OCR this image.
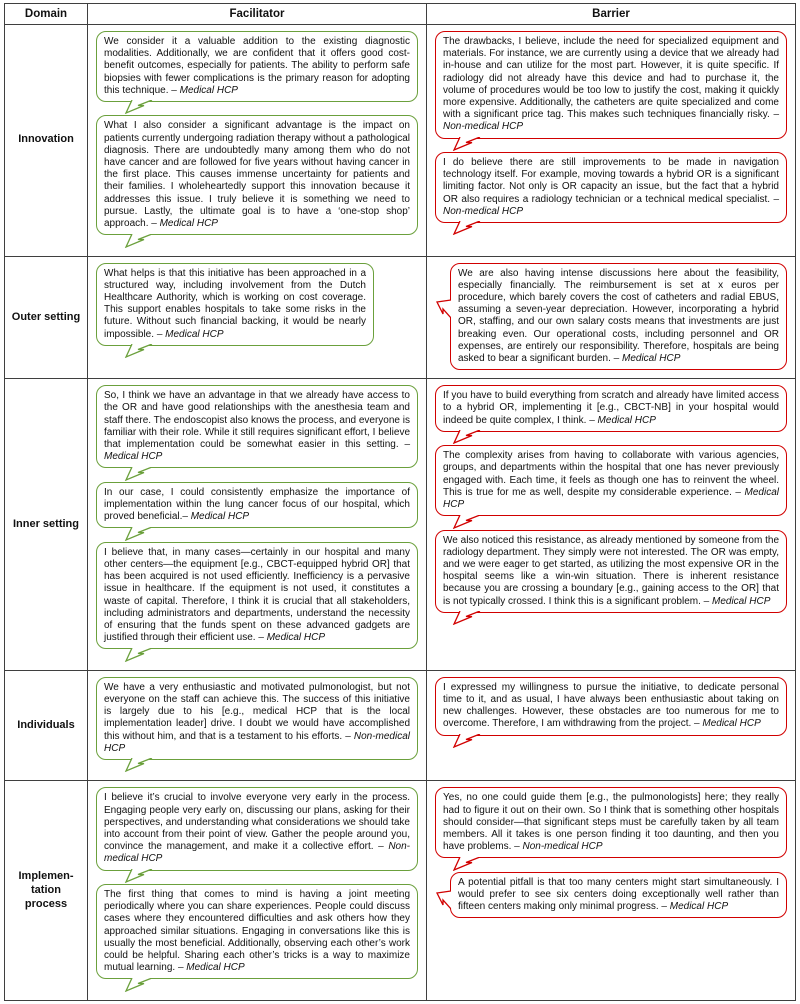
Domain	Facilitator	Barrier
Innovation
We consider it a valuable addition to the existing diagnostic modalities. Additionally, we are confident that it offers good cost-benefit outcomes, especially for patients. The ability to perform safe biopsies with fewer complications is the primary reason for adopting this technique. – Medical HCP
What I also consider a significant advantage is the impact on patients currently undergoing radiation therapy without a pathological diagnosis. There are undoubtedly many among them who do not have cancer and are followed for five years without having cancer in the first place. This causes immense uncertainty for patients and their families. I wholeheartedly support this innovation because it addresses this issue. I truly believe it is something we need to pursue. Lastly, the ultimate goal is to have a ‘one-stop shop’ approach. – Medical HCP
The drawbacks, I believe, include the need for specialized equipment and materials. For instance, we are currently using a device that we already had in-house and can utilize for the most part. However, it is quite specific. If radiology did not already have this device and had to purchase it, the volume of procedures would be too low to justify the cost, making it quickly more expensive. Additionally, the catheters are quite specialized and come with a significant price tag. This makes such techniques financially risky. – Non-medical HCP
I do believe there are still improvements to be made in navigation technology itself. For example, moving towards a hybrid OR is a significant limiting factor. Not only is OR capacity an issue, but the fact that a hybrid OR also requires a radiology technician or a technical medical specialist. – Non-medical HCP
Outer setting
What helps is that this initiative has been approached in a structured way, including involvement from the Dutch Healthcare Authority, which is working on cost coverage. This support enables hospitals to take some risks in the future. Without such financial backing, it would be nearly impossible. – Medical HCP
We are also having intense discussions here about the feasibility, especially financially. The reimbursement is set at x euros per procedure, which barely covers the cost of catheters and radial EBUS, assuming a seven-year depreciation. However, incorporating a hybrid OR, staffing, and our own salary costs means that investments are just breaking even. Our operational costs, including personnel and OR expenses, are entirely our responsibility. Therefore, hospitals are being asked to bear a significant burden. – Medical HCP
Inner setting
So, I think we have an advantage in that we already have access to the OR and have good relationships with the anesthesia team and staff there. The endoscopist also knows the process, and everyone is familiar with their role. While it still requires significant effort, I believe that implementation could be somewhat easier in this setting. – Medical HCP
In our case, I could consistently emphasize the importance of implementation within the lung cancer focus of our hospital, which proved beneficial.– Medical HCP
I believe that, in many cases—certainly in our hospital and many other centers—the equipment [e.g., CBCT-equipped hybrid OR] that has been acquired is not used efficiently. Inefficiency is a pervasive issue in healthcare. If the equipment is not used, it constitutes a waste of capital. Therefore, I think it is crucial that all stakeholders, including administrators and departments, understand the necessity of ensuring that the funds spent on these advanced gadgets are justified through their efficient use. – Medical HCP
If you have to build everything from scratch and already have limited access to a hybrid OR, implementing it [e.g., CBCT-NB] in your hospital would indeed be quite complex, I think. – Medical HCP
The complexity arises from having to collaborate with various agencies, groups, and departments within the hospital that one has never previously engaged with. Each time, it feels as though one has to reinvent the wheel. This is true for me as well, despite my considerable experience. – Medical HCP
We also noticed this resistance, as already mentioned by someone from the radiology department. They simply were not interested. The OR was empty, and we were eager to get started, as utilizing the most expensive OR in the hospital seems like a win-win situation. There is inherent resistance because you are crossing a boundary [e.g., gaining access to the OR] that is not typically crossed. I think this is a significant problem. – Medical HCP
Individuals
We have a very enthusiastic and motivated pulmonologist, but not everyone on the staff can achieve this. The success of this initiative is largely due to his [e.g., medical HCP that is the local implementation leader] drive. I doubt we would have accomplished this without him, and that is a testament to his efforts. – Non-medical HCP
I expressed my willingness to pursue the initiative, to dedicate personal time to it, and as usual, I have always been enthusiastic about taking on new challenges. However, these obstacles are too numerous for me to overcome. Therefore, I am withdrawing from the project. – Medical HCP
Implemen-tation process
I believe it’s crucial to involve everyone very early in the process. Engaging people very early on, discussing our plans, asking for their perspectives, and understanding what considerations we should take into account from their point of view. Gather the people around you, convince the management, and make it a collective effort. – Non-medical HCP
The first thing that comes to mind is having a joint meeting periodically where you can share experiences. People could discuss cases where they encountered difficulties and ask others how they approached similar situations. Engaging in conversations like this is usually the most beneficial. Additionally, observing each other’s work could be helpful. Sharing each other’s tricks is a way to maximize mutual learning. – Medical HCP
Yes, no one could guide them [e.g., the pulmonologists] here; they really had to figure it out on their own. So I think that is something other hospitals should consider—that significant steps must be carefully taken by all team members. All it takes is one person finding it too daunting, and then you have problems. – Non-medical HCP
A potential pitfall is that too many centers might start simultaneously. I would prefer to see six centers doing exceptionally well rather than fifteen centers making only minimal progress. – Medical HCP
